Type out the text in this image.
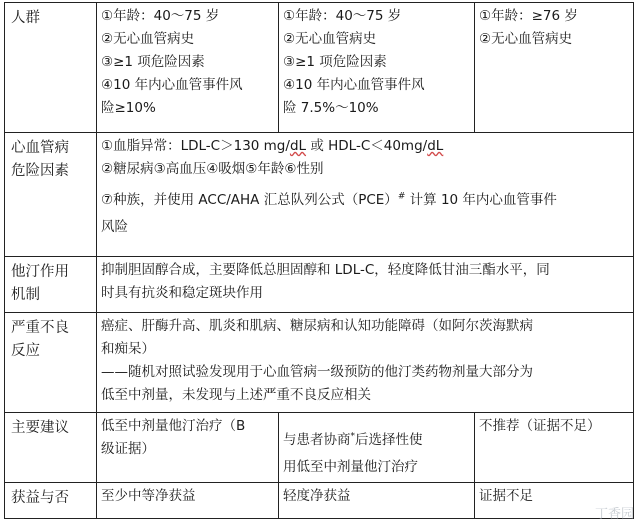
人群	①年龄：40～75 岁
②无心血管病史
③≥1 项危险因素
④10 年内心血管事件风
险≥10%	①年龄：40～75 岁
②无心血管病史
③≥1 项危险因素
④10 年内心血管事件风
险 7.5%～10%	①年龄：≥76 岁
②无心血管病史

心血管病
危险因素	①血脂异常：LDL-C＞130 mg/dL 或 HDL-C＜40mg/dL
②糖尿病③高血压④吸烟⑤年龄⑥性别
⑦种族，并使用 ACC/AHA 汇总队列公式（PCE）# 计算 10 年内心血管事件
风险		

他汀作用
机制	抑制胆固醇合成，主要降低总胆固醇和 LDL-C，轻度降低甘油三酯水平，同
时具有抗炎和稳定斑块作用		

严重不良
反应	癌症、肝酶升高、肌炎和肌病、糖尿病和认知功能障碍（如阿尔茨海默病
和痴呆）
——随机对照试验发现用于心血管病一级预防的他汀类药物剂量大部分为
低至中剂量，未发现与上述严重不良反应相关		

主要建议	低至中剂量他汀治疗（B
级证据）	与患者协商*后选择性使
用低至中剂量他汀治疗	不推荐（证据不足）

获益与否	至少中等净获益	轻度净获益	证据不足
丁香园
